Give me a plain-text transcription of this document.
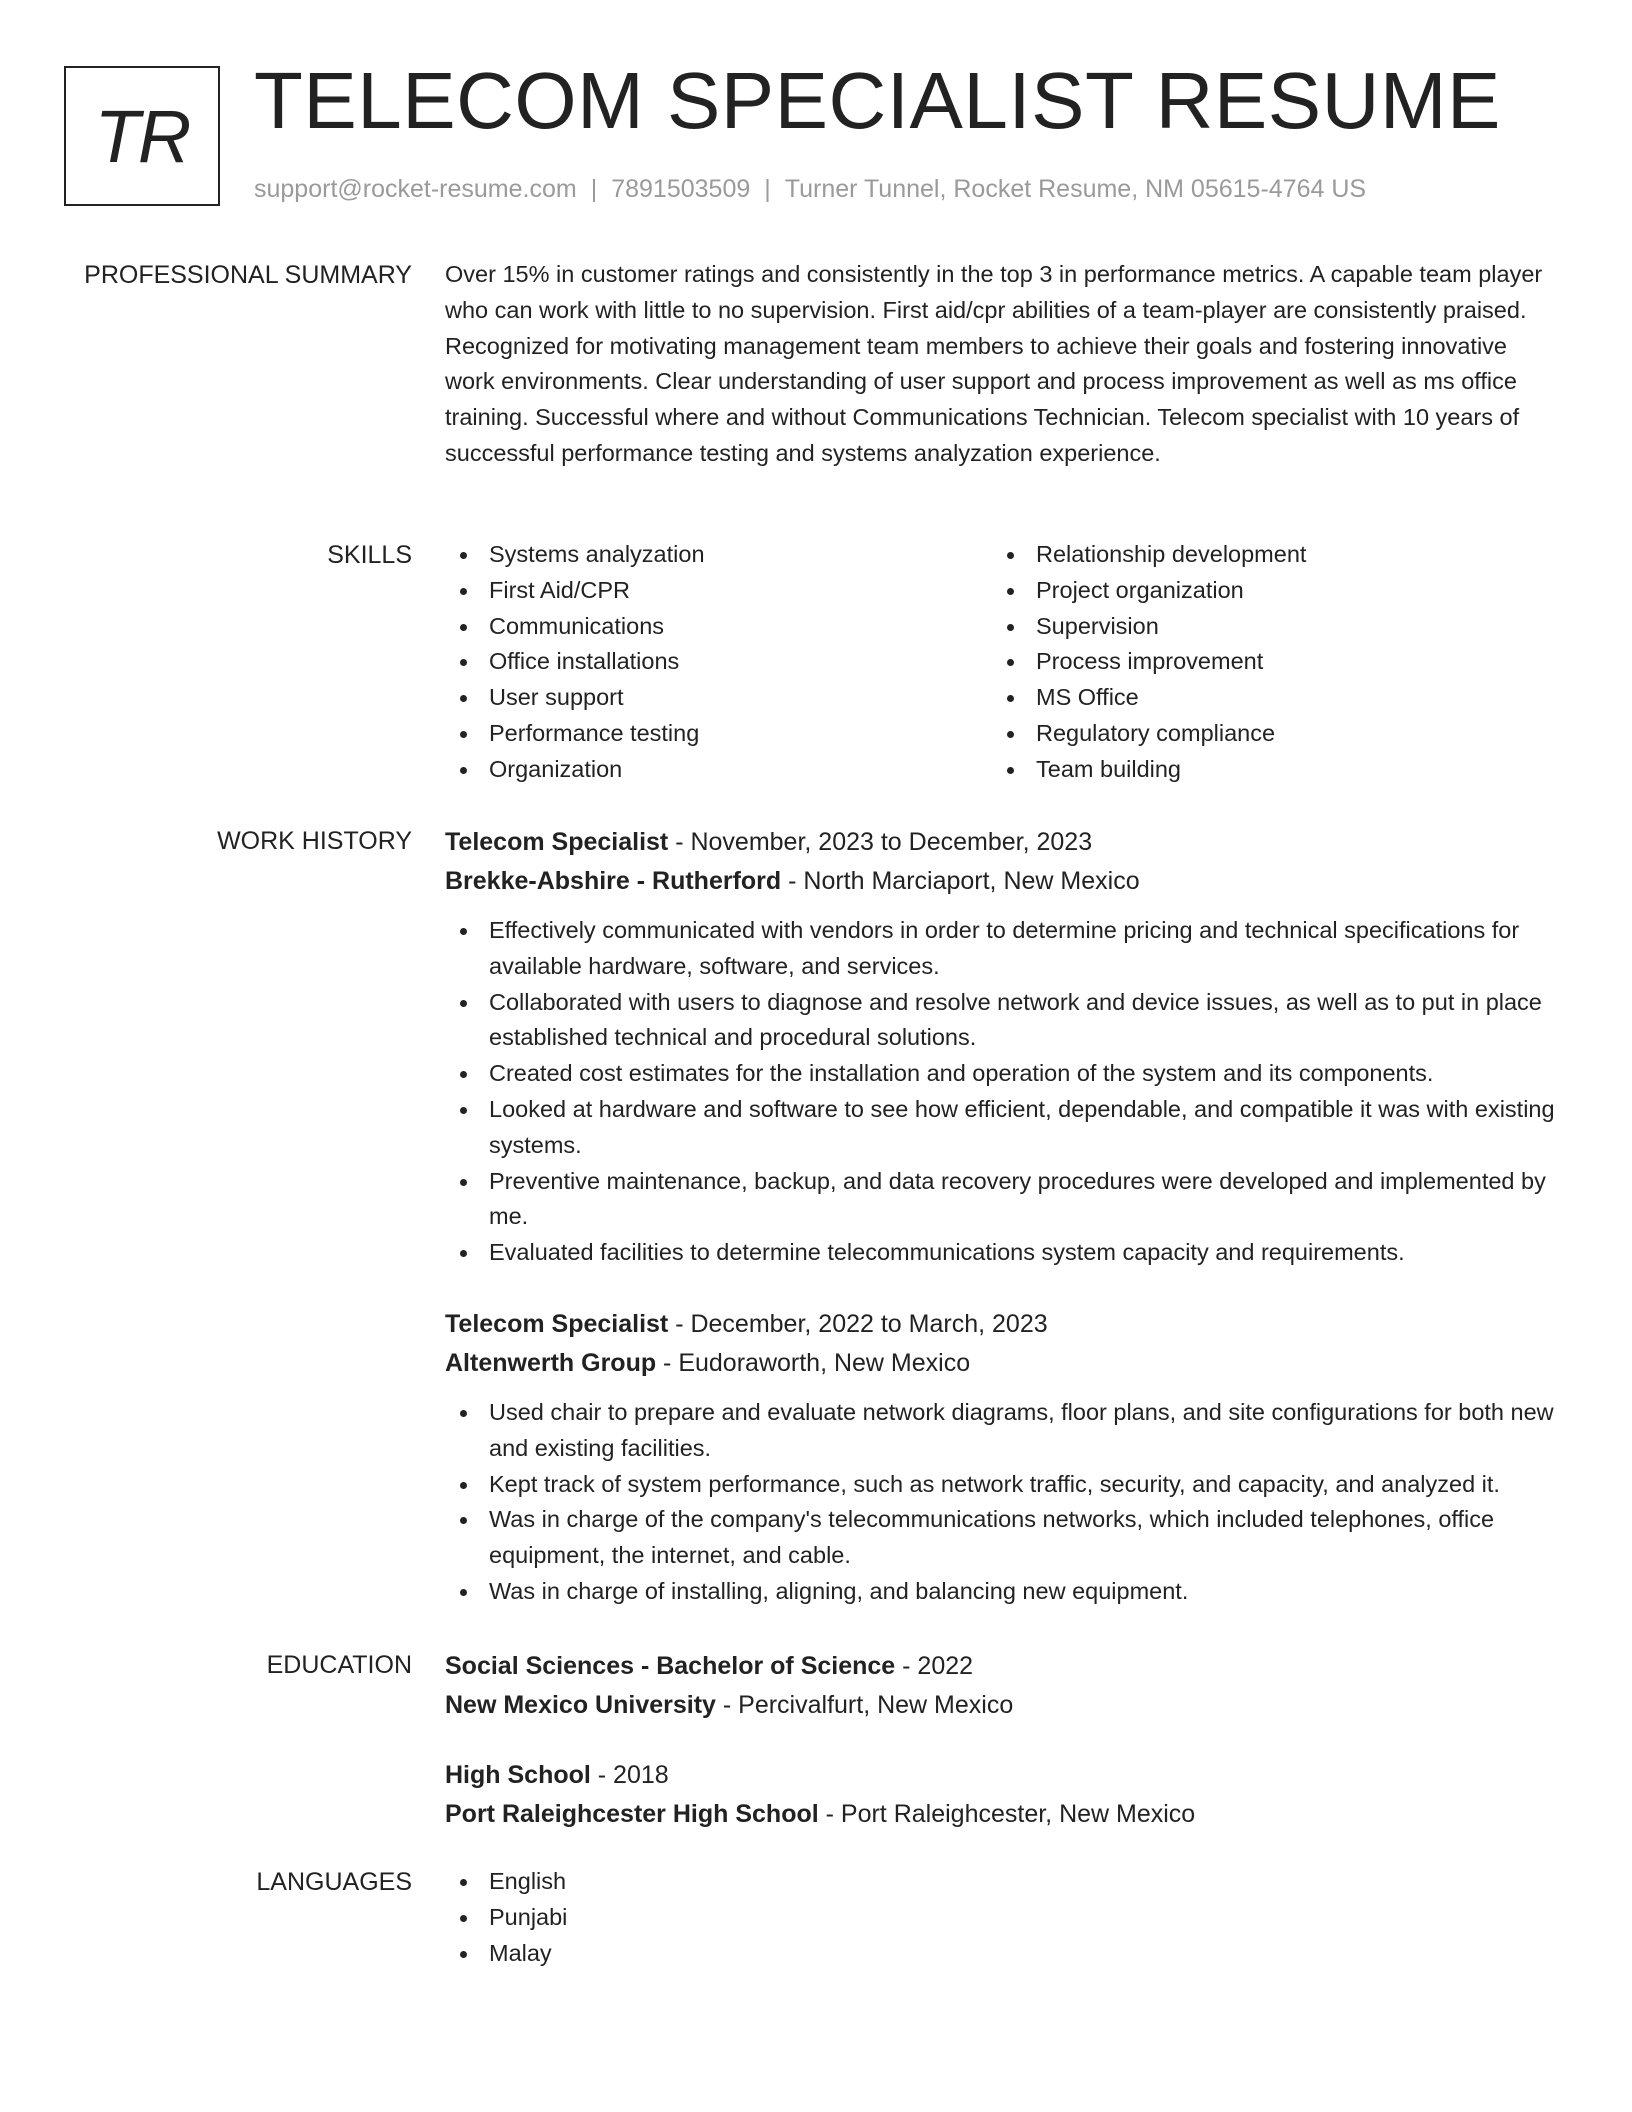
TR TELECOM SPECIALIST RESUME
support@rocket-resume.com | 7891503509 | Turner Tunnel, Rocket Resume, NM 05615-4764 US
PROFESSIONAL SUMMARY Over 15% in customer ratings and consistently in the top 3 in performance metrics. A capable team player who can work with little to no supervision. First aid/cpr abilities of a team-player are consistently praised. Recognized for motivating management team members to achieve their goals and fostering innovative work environments. Clear understanding of user support and process improvement as well as ms office training. Successful where and without Communications Technician. Telecom specialist with 10 years of successful performance testing and systems analyzation experience.

SKILLS	Systems analyzation
First Aid/CPR
Communications
Office installations
User support
Performance testing
Organization
Relationship development
Project organization
Supervision
Process improvement
MS Office
Regulatory compliance
Team building
WORK HISTORY Telecom Specialist - November, 2023 to December, 2023
Brekke-Abshire - Rutherford - North Marciaport, New Mexico
Effectively communicated with vendors in order to determine pricing and technical specifications for available hardware, software, and services.
Collaborated with users to diagnose and resolve network and device issues, as well as to put in place established technical and procedural solutions.
Created cost estimates for the installation and operation of the system and its components.
Looked at hardware and software to see how efficient, dependable, and compatible it was with existing systems.
Preventive maintenance, backup, and data recovery procedures were developed and implemented by me.
Evaluated facilities to determine telecommunications system capacity and requirements.
Telecom Specialist - December, 2022 to March, 2023
Altenwerth Group - Eudoraworth, New Mexico
Used chair to prepare and evaluate network diagrams, floor plans, and site configurations for both new and existing facilities.
Kept track of system performance, such as network traffic, security, and capacity, and analyzed it.
Was in charge of the company's telecommunications networks, which included telephones, office equipment, the internet, and cable.
Was in charge of installing, aligning, and balancing new equipment.
EDUCATION Social Sciences - Bachelor of Science - 2022
New Mexico University - Percivalfurt, New Mexico
High School - 2018
Port Raleighcester High School - Port Raleighcester, New Mexico
LANGUAGES	English
Punjabi
Malay
